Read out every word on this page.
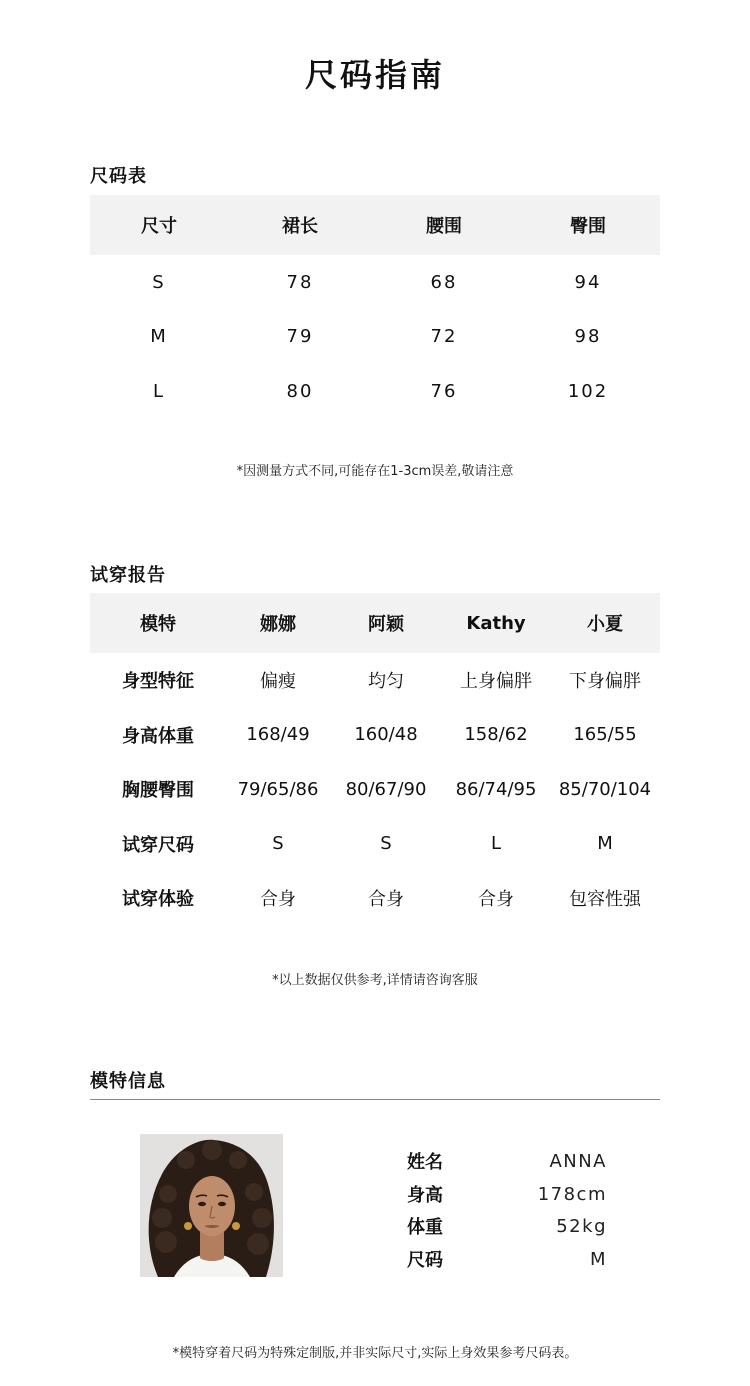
尺码指南
尺码表
尺寸	裙长	腰围	臀围
S	78	68	94
M	79	72	98
L	80	76	102
*因测量方式不同,可能存在1-3cm误差,敬请注意
试穿报告
模特	娜娜	阿颖	Kathy	小夏
身型特征	偏瘦	均匀	上身偏胖	下身偏胖
身高体重	168/49	160/48	158/62	165/55
胸腰臀围	79/65/86	80/67/90	86/74/95	85/70/104
试穿尺码	S	S	L	M
试穿体验	合身	合身	合身	包容性强
*以上数据仅供参考,详情请咨询客服
模特信息
姓名	ANNA
身高	178cm
体重	52kg
尺码	M
*模特穿着尺码为特殊定制版,并非实际尺寸,实际上身效果参考尺码表。
